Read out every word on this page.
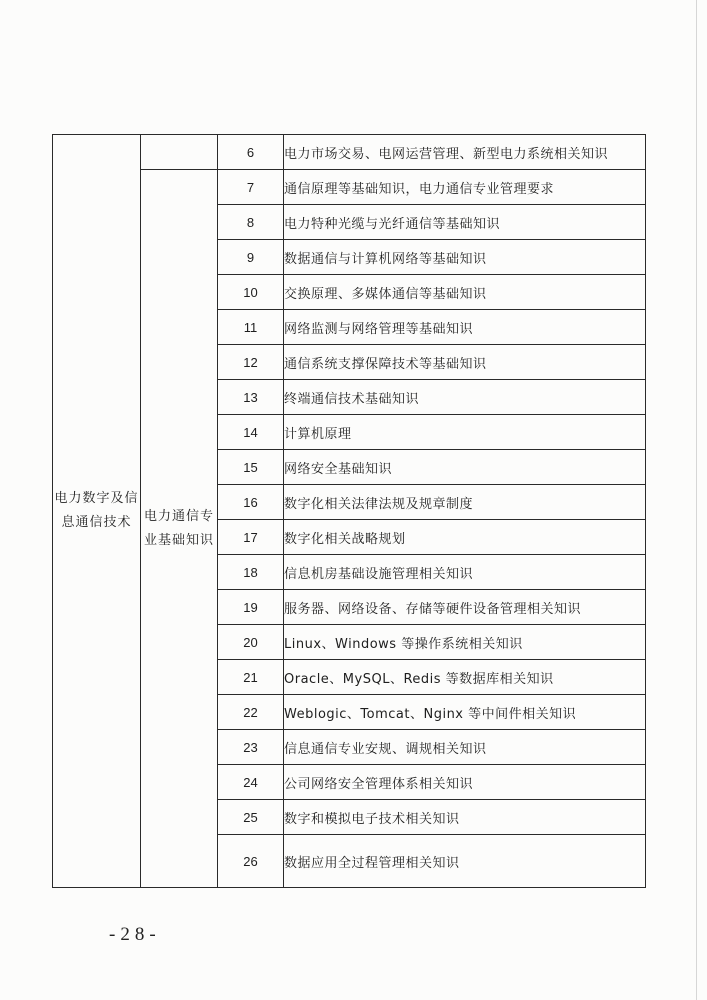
电力数字及信息通信技术		6	电力市场交易、电网运营管理、新型电力系统相关知识
	电力通信专业基础知识	7	通信原理等基础知识，电力通信专业管理要求
		8	电力特种光缆与光纤通信等基础知识
		9	数据通信与计算机网络等基础知识
		10	交换原理、多媒体通信等基础知识
		11	网络监测与网络管理等基础知识
		12	通信系统支撑保障技术等基础知识
		13	终端通信技术基础知识
		14	计算机原理
		15	网络安全基础知识
		16	数字化相关法律法规及规章制度
		17	数字化相关战略规划
		18	信息机房基础设施管理相关知识
		19	服务器、网络设备、存储等硬件设备管理相关知识
		20	Linux、Windows 等操作系统相关知识
		21	Oracle、MySQL、Redis 等数据库相关知识
		22	Weblogic、Tomcat、Nginx 等中间件相关知识
		23	信息通信专业安规、调规相关知识
		24	公司网络安全管理体系相关知识
		25	数字和模拟电子技术相关知识
		26	数据应用全过程管理相关知识
-28-
